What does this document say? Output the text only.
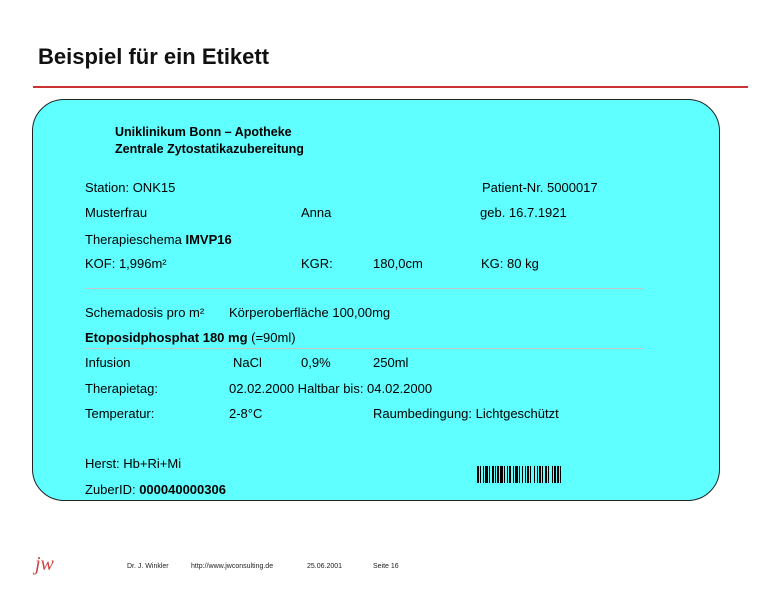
Beispiel für ein Etikett
Uniklinikum Bonn – Apotheke
Zentrale Zytostatikazubereitung
Station: ONK15	Patient-Nr. 5000017
Musterfrau	Anna	geb. 16.7.1921
Therapieschema IMVP16
KOF: 1,996m²	KGR:	180,0cm	KG: 80 kg
Schemadosis pro m² Körperoberfläche 100,00mg
Etoposidphosphat 180 mg (=90ml)
Infusion	NaCl	0,9%	250ml
Therapietag:	02.02.2000 Haltbar bis: 04.02.2000
Temperatur:	2-8°C	Raumbedingung: Lichtgeschützt
Herst: Hb+Ri+Mi
ZuberID: 000040000306
jw	Dr. J. Winkler	http://www.jwconsulting.de	25.06.2001	Seite 16
